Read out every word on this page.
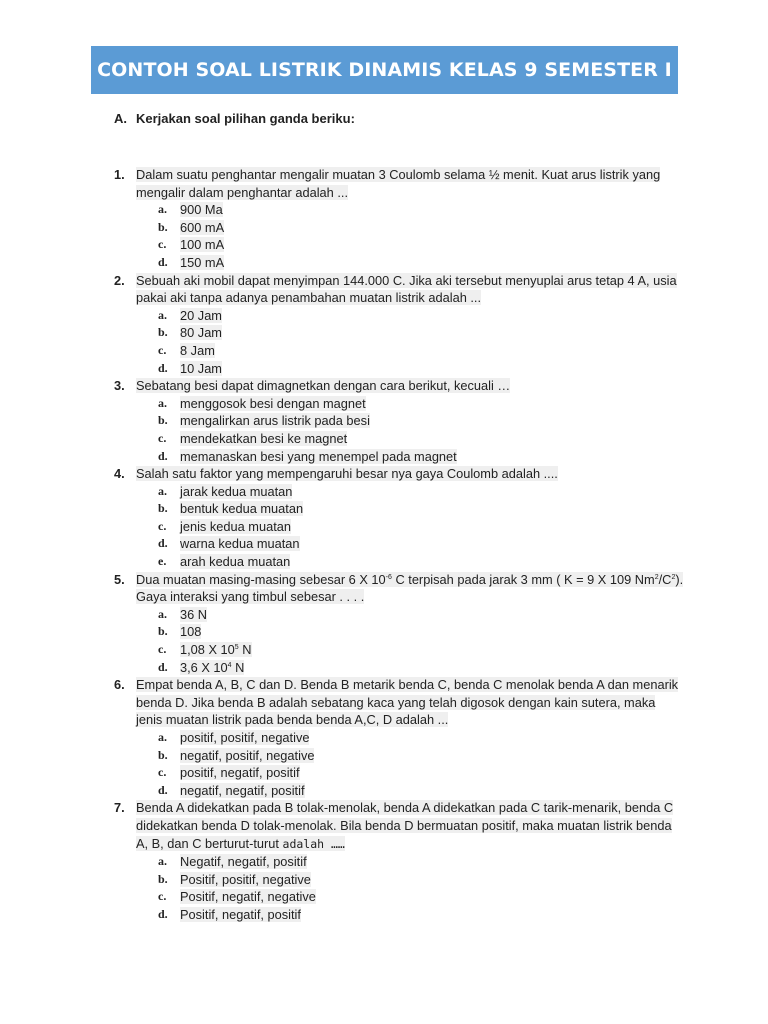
CONTOH SOAL LISTRIK DINAMIS KELAS 9 SEMESTER I
A. Kerjakan soal pilihan ganda beriku:
1. Dalam suatu penghantar mengalir muatan 3 Coulomb selama ½ menit. Kuat arus listrik yang mengalir dalam penghantar adalah ...
a. 900 Ma
b. 600 mA
c. 100 mA
d. 150 mA
2. Sebuah aki mobil dapat menyimpan 144.000 C. Jika aki tersebut menyuplai arus tetap 4 A, usia pakai aki tanpa adanya penambahan muatan listrik adalah ...
a. 20 Jam
b. 80 Jam
c. 8 Jam
d. 10 Jam
3. Sebatang besi dapat dimagnetkan dengan cara berikut, kecuali …
a. menggosok besi dengan magnet
b. mengalirkan arus listrik pada besi
c. mendekatkan besi ke magnet
d. memanaskan besi yang menempel pada magnet
4. Salah satu faktor yang mempengaruhi besar nya gaya Coulomb adalah ....
a. jarak kedua muatan
b. bentuk kedua muatan
c. jenis kedua muatan
d. warna kedua muatan
e. arah kedua muatan
5. Dua muatan masing-masing sebesar 6 X $10^{-6}$ C terpisah pada jarak 3 mm ( K = 9 X 109 $Nm^2/C^2$). Gaya interaksi yang timbul sebesar . . . .
a. 36 N
b. 108
c. 1,08 X $10^5$ N
d. 3,6 X $10^4$ N
6. Empat benda A, B, C dan D. Benda B metarik benda C, benda C menolak benda A dan menarik benda D. Jika benda B adalah sebatang kaca yang telah digosok dengan kain sutera, maka jenis muatan listrik pada benda benda A,C, D adalah ...
a. positif, positif, negative
b. negatif, positif, negative
c. positif, negatif, positif
d. negatif, negatif, positif
7. Benda A didekatkan pada B tolak-menolak, benda A didekatkan pada C tarik-menarik, benda C didekatkan benda D tolak-menolak. Bila benda D bermuatan positif, maka muatan listrik benda A, B, dan C berturut-turut adalah ……
a. Negatif, negatif, positif
b. Positif, positif, negative
c. Positif, negatif, negative
d. Positif, negatif, positif
